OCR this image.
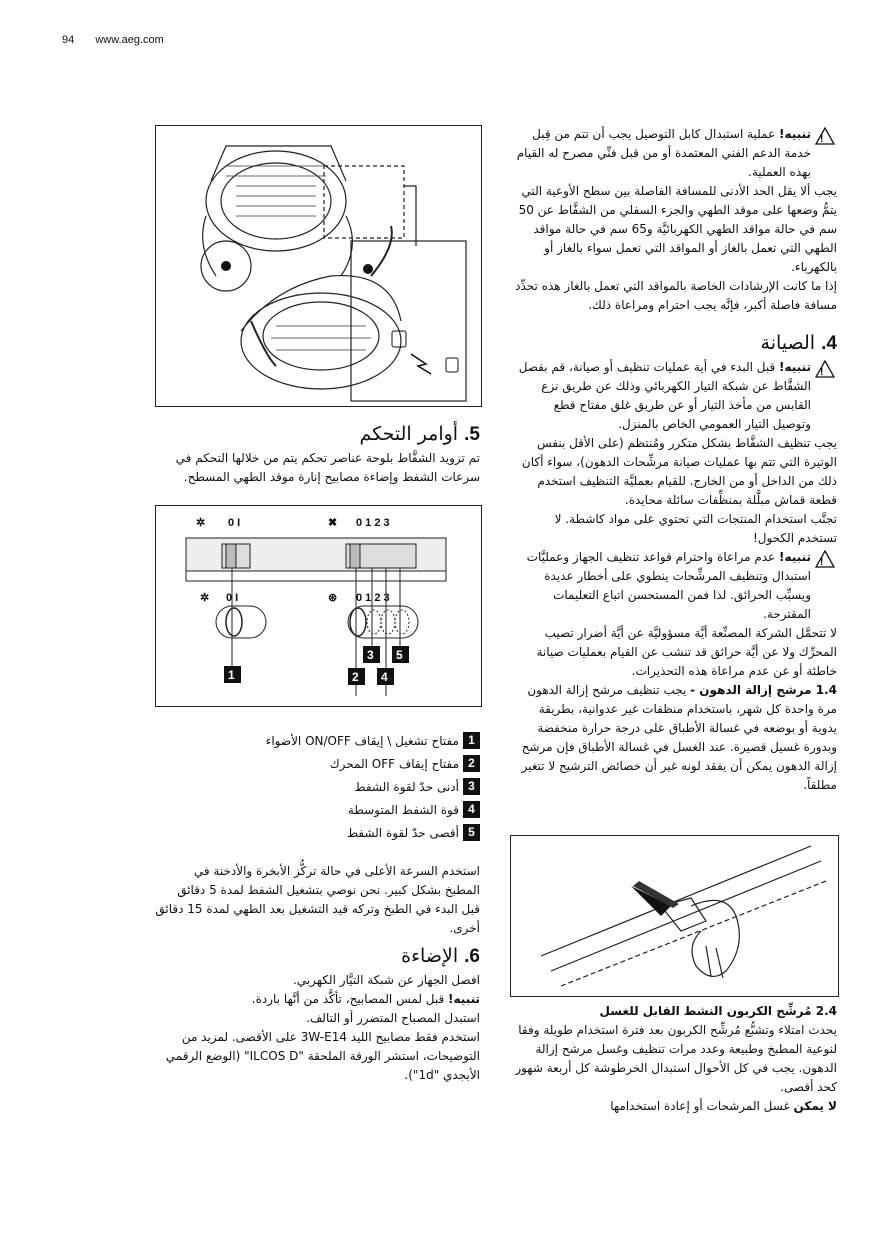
94 www.aeg.com
5. أوامر التحكم

تم تزويد الشفَّاط بلوحة عناصر تحكم يتم من خلالها التحكم في سرعات الشفط وإضاءة مصابيح إنارة موقد الطهي المسطح.

✲ 0 I	✖ 0 1 2 3
✲ 0 I	⊛ 0 1 2 3
1	2
3
4
5
1
مفتاح تشغيل \ إيقاف ON/OFF الأضواء
2
مفتاح إيقاف OFF المحرك
3
أدنى حدّ لقوة الشفط
4
قوة الشفط المتوسطة
5
أقصى حدّ لقوة الشفط

استخدم السرعة الأعلى في حالة تركُّز الأبخرة والأدخنة في المطبخ بشكل كبير. نحن نوصي بتشغيل الشفط لمدة 5 دقائق قبل البدء في الطبخ وتركه قيد التشغيل بعد الطهي لمدة 15 دقائق أخرى.

6. الإضاءة

افصل الجهاز عن شبكة التيَّار الكهربي.

تنبيه! قبل لمس المصابيح، تأكَّد من أنَّها باردة.

استبدل المصباح المتضرر أو التالف.

استخدم فقط مصابيح الليد 3W-E14 على الأقصى. لمزيد من التوضيحات، استشر الورقة الملحقة "ILCOS D" (الوضع الرقمي الأبجدي "1d").

!

تنبيه! عملية استبدال كابل التوصيل يجب أن تتم من قِبل خدمة الدعم الفني المعتمدة أو من قبل فنِّي مصرح له القيام بهذه العملية.

يجب ألا يقل الحد الأدنى للمسافة الفاصلة بين سطح الأوعية التي يتمُّ وضعها على موقد الطهي والجزء السفلي من الشفَّاط عن 50 سم في حالة مواقد الطهي الكهربائيَّة و65 سم في حالة مواقد الطهي التي تعمل بالغاز أو المواقد التي تعمل سواء بالغاز أو بالكهرباء.

إذا ما كانت الإرشادات الخاصة بالمواقد التي تعمل بالغاز هذه تحدِّد مسافة فاصلة أكبر، فإنَّه يجب احترام ومراعاة ذلك.

4. الصيانة
!

تنبيه! قبل البدء في أية عمليات تنظيف أو صيانة، قم بفصل الشفَّاط عن شبكة التيار الكهربائي وذلك عن طريق نزع القابس من مأخذ التيار أو عن طريق غلق مفتاح قطع وتوصيل التيار العمومي الخاص بالمنزل.

يجب تنظيف الشفَّاط بشكل متكرر ومُنتظم (على الأقل بنفس الوتيرة التي تتم بها عمليات صيانة مرشِّحات الدهون)، سواء أكان ذلك من الداخل أو من الخارج. للقيام بعمليَّة التنظيف استخدم قطعة قماش مبلَّلة بمنظِّفات سائلة محايدة.

تجنَّب استخدام المنتجات التي تحتوي على مواد كاشطة. لا تستخدم الكحول!

!

تنبيه! عدم مراعاة واحترام قواعد تنظيف الجهاز وعمليَّات استبدال وتنظيف المرشِّحات ينطوي على أخطار عديدة ويسبِّب الحرائق. لذا فمن المستحسن اتباع التعليمات المقترحة.

لا تتحمَّل الشركة المصنِّعة أيَّة مسؤوليَّة عن أيَّة أضرار تصيب المحرِّك ولا عن أيَّة حرائق قد تنشب عن القيام بعمليات صيانة خاطئة أو عن عدم مراعاة هذه التحذيرات.

1.4 مرشح إزالة الدهون - يجب تنظيف مرشح إزالة الدهون مرة واحدة كل شهر، باستخدام منظفات غير عدوانية، بطريقة يدوية أو بوضعه في غسالة الأطباق على درجة حرارة منخفضة وبدورة غسيل قصيرة. عند الغسل في غسالة الأطباق فإن مرشح إزالة الدهون يمكن أن يفقد لونه غير أن خصائص الترشيح لا تتغير مطلقاً.

2.4 مُرشِّح الكربون النشط القابل للغسل

يحدث امتلاء وتشبُّع مُرشِّح الكربون بعد فترة استخدام طويلة وفقا لنوعية المطبخ وطبيعة وعدد مرات تنظيف وغسل مرشح إزالة الدهون. يجب في كل الأحوال استبدال الخرطوشة كل أربعة شهور كحد أقصى.

لا يمكن غسل المرشحات أو إعادة استخدامها
